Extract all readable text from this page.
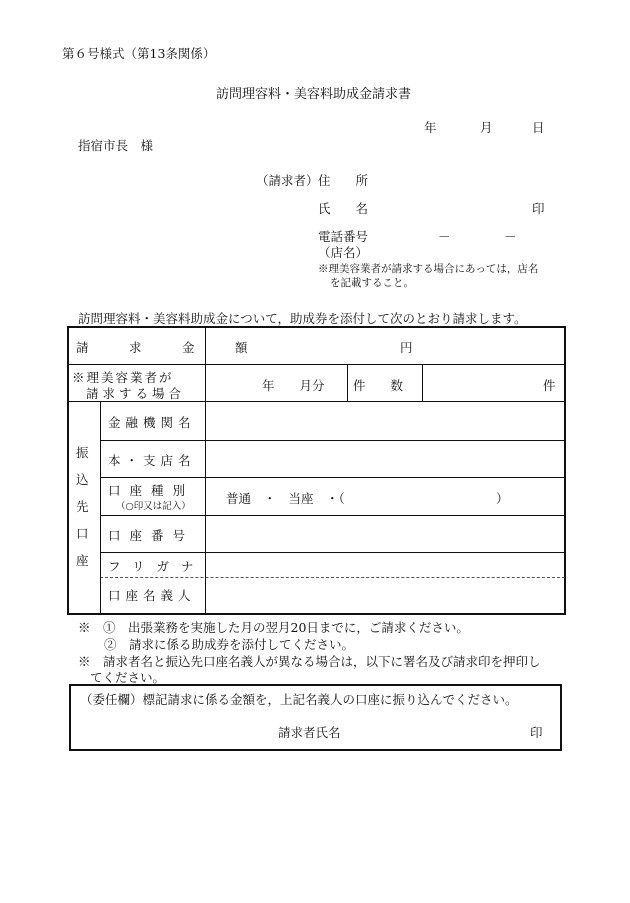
第６号様式（第13条関係）
訪問理容料・美容料助成金請求書
年	月	日
指宿市長　様
（請求者） 住　　所
氏　　名	印
電話番号	－	－
（店名）
※理美容業者が請求する場合にあっては，店名
を記載すること。
訪問理容料・美容料助成金について，助成券を添付して次のとおり請求します。
請　求　金　額	円
※理美容業者が
請求する場合
年　　月分 件　　数	件
振
込
先
口
座
金融機関名
本・支店名
口座種別
（○印又は記入）
普通　・　当座　・（	）
口座番号
フリガナ
口座名義人
※　①　出張業務を実施した月の翌月20日までに，ご請求ください。
②　請求に係る助成券を添付してください。
※　請求者名と振込先口座名義人が異なる場合は，以下に署名及び請求印を押印し
てください。
（委任欄）標記請求に係る金額を，上記名義人の口座に振り込んでください。
請求者氏名	印
